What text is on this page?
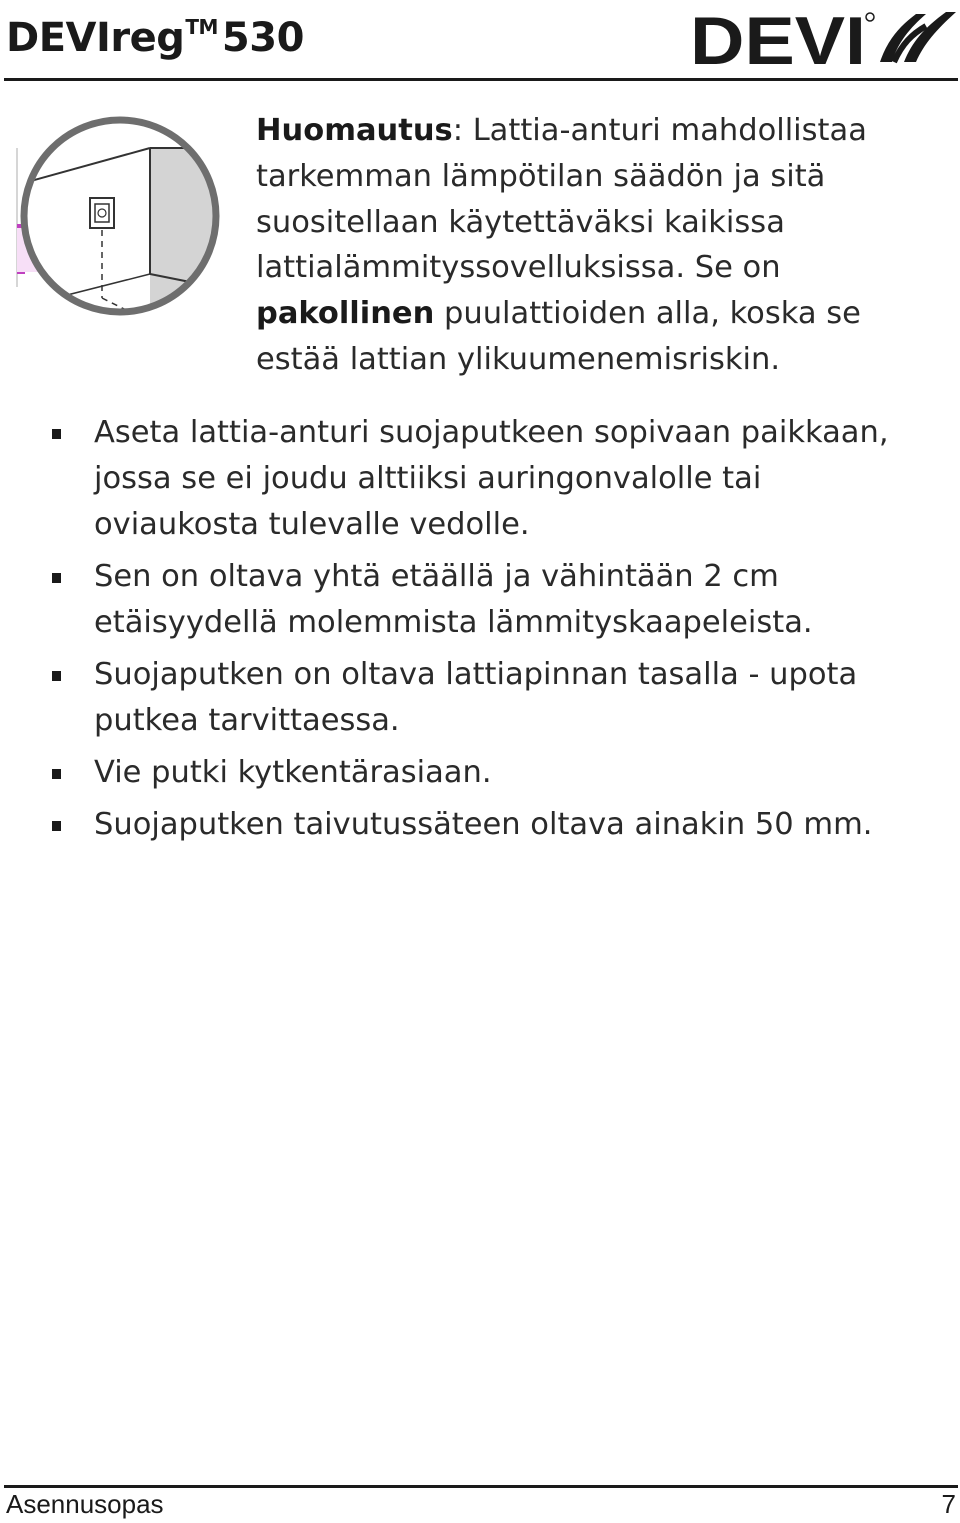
DEVIreg™ 530	DEVI

Huomautus: Lattia-anturi mahdollistaa tarkemman lämpötilan säädön ja sitä suositellaan käytettäväksi kaikissa lattialämmityssovelluksissa. Se on pakollinen puulattioiden alla, koska se estää lattian ylikuumenemisriskin.

Aseta lattia-anturi suojaputkeen sopivaan paikkaan, jossa se ei joudu alttiiksi auringonvalolle tai oviaukosta tulevalle vedolle.
Sen on oltava yhtä etäällä ja vähintään 2 cm etäisyydellä molemmista lämmityskaapeleista.
Suojaputken on oltava lattiapinnan tasalla - upota putkea tarvittaessa.
Vie putki kytkentärasiaan.
Suojaputken taivutussäteen oltava ainakin 50 mm.
Asennusopas	7
